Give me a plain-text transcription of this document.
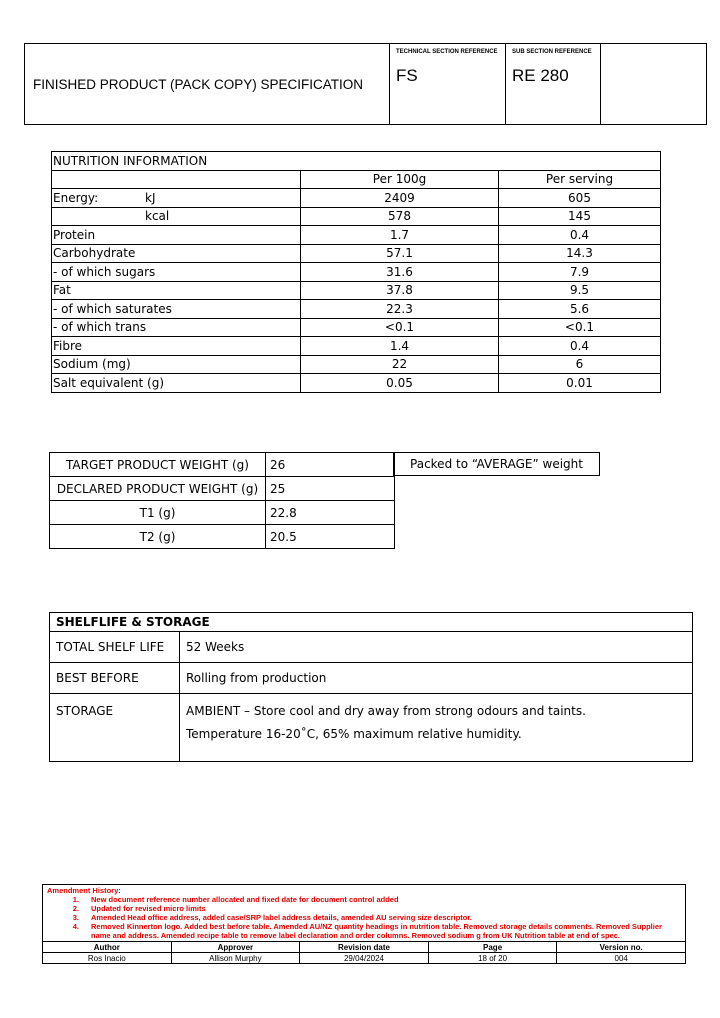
FINISHED PRODUCT (PACK COPY) SPECIFICATION
TECHNICAL SECTION REFERENCE
FS
SUB SECTION REFERENCE
RE 280
NUTRITION INFORMATION		
	Per 100g	Per serving
Energy: kJ	2409	605
kcal	578	145
Protein	1.7	0.4
Carbohydrate	57.1	14.3
- of which sugars	31.6	7.9
Fat	37.8	9.5
- of which saturates	22.3	5.6
- of which trans	<0.1	<0.1
Fibre	1.4	0.4
Sodium (mg)	22	6
Salt equivalent (g)	0.05	0.01
TARGET PRODUCT WEIGHT (g)	26
DECLARED PRODUCT WEIGHT (g)	25
T1 (g)	22.8
T2 (g)	20.5
Packed to “AVERAGE” weight
SHELFLIFE & STORAGE	
TOTAL SHELF LIFE	52 Weeks
BEST BEFORE	Rolling from production
STORAGE	AMBIENT – Store cool and dry away from strong odours and taints.
Temperature 16-20˚C, 65% maximum relative humidity.
Amendment History:
1.	New document reference number allocated and fixed date for document control added
2.	Updated for revised micro limits
3.	Amended Head office address, added case/SRP label address details, amended AU serving size descriptor.
4.	Removed Kinnerton logo. Added best before table. Amended AU/NZ quantity headings in nutrition table. Removed storage details comments. Removed Supplier name and address. Amended recipe table to remove label declaration and order columns. Removed sodium g from UK Nutrition table at end of spec.
Author	Approver	Revision date	Page	Version no.
Ros Inacio	Allison Murphy	29/04/2024	18 of 20	004
